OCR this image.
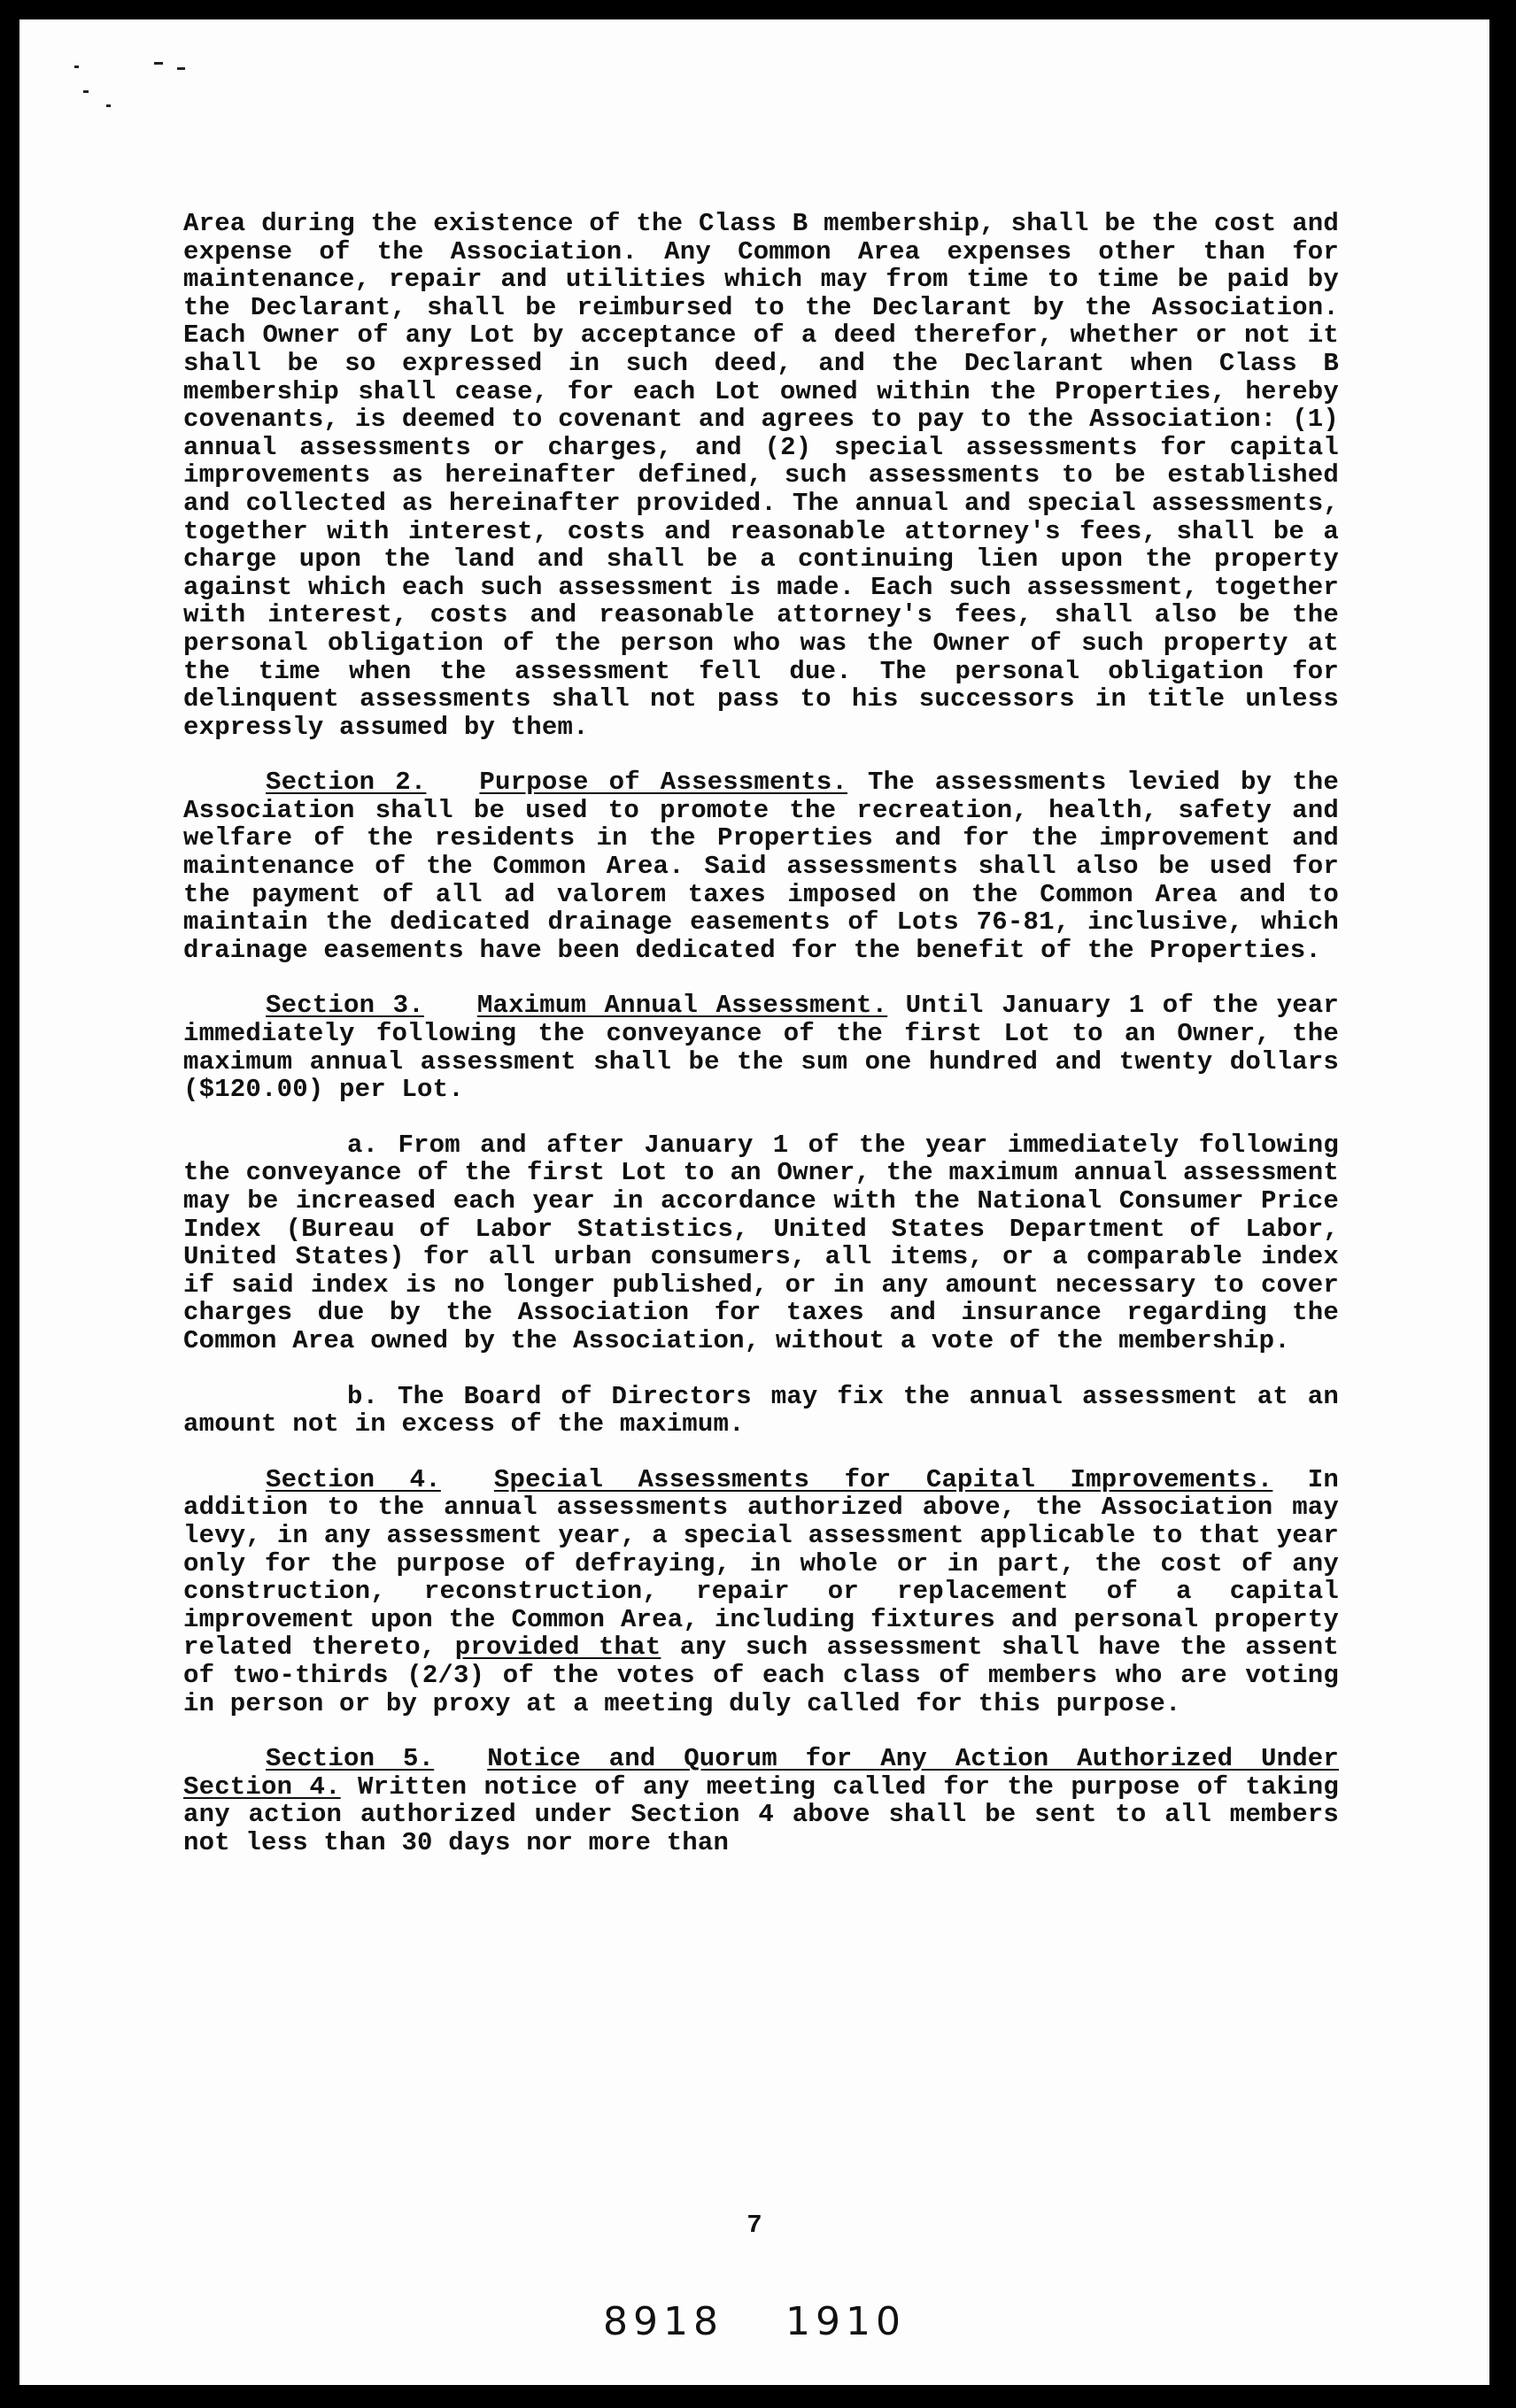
Area during the existence of the Class B membership, shall be the cost and expense of the Association. Any Common Area expenses other than for maintenance, repair and utilities which may from time to time be paid by the Declarant, shall be reimbursed to the Declarant by the Association. Each Owner of any Lot by acceptance of a deed therefor, whether or not it shall be so expressed in such deed, and the Declarant when Class B membership shall cease, for each Lot owned within the Properties, hereby covenants, is deemed to covenant and agrees to pay to the Association: (1) annual assessments or charges, and (2) special assessments for capital improvements as hereinafter defined, such assessments to be established and collected as hereinafter provided. The annual and special assessments, together with interest, costs and reasonable attorney's fees, shall be a charge upon the land and shall be a continuing lien upon the property against which each such assessment is made. Each such assessment, together with interest, costs and reasonable attorney's fees, shall also be the personal obligation of the person who was the Owner of such property at the time when the assessment fell due. The personal obligation for delinquent assessments shall not pass to his successors in title unless expressly assumed by them.

Section 2. Purpose of Assessments. The assessments levied by the Association shall be used to promote the recreation, health, safety and welfare of the residents in the Properties and for the improvement and maintenance of the Common Area. Said assessments shall also be used for the payment of all ad valorem taxes imposed on the Common Area and to maintain the dedicated drainage easements of Lots 76-81, inclusive, which drainage easements have been dedicated for the benefit of the Properties.

Section 3. Maximum Annual Assessment. Until January 1 of the year immediately following the conveyance of the first Lot to an Owner, the maximum annual assessment shall be the sum one hundred and twenty dollars ($120.00) per Lot.

a. From and after January 1 of the year immediately following the conveyance of the first Lot to an Owner, the maximum annual assessment may be increased each year in accordance with the National Consumer Price Index (Bureau of Labor Statistics, United States Department of Labor, United States) for all urban consumers, all items, or a comparable index if said index is no longer published, or in any amount necessary to cover charges due by the Association for taxes and insurance regarding the Common Area owned by the Association, without a vote of the membership.

b. The Board of Directors may fix the annual assessment at an amount not in excess of the maximum.

Section 4. Special Assessments for Capital Improvements. In addition to the annual assessments authorized above, the Association may levy, in any assessment year, a special assessment applicable to that year only for the purpose of defraying, in whole or in part, the cost of any construction, reconstruction, repair or replacement of a capital improvement upon the Common Area, including fixtures and personal property related thereto, provided that any such assessment shall have the assent of two-thirds (2/3) of the votes of each class of members who are voting in person or by proxy at a meeting duly called for this purpose.

Section 5. Notice and Quorum for Any Action Authorized Under Section 4. Written notice of any meeting called for the purpose of taking any action authorized under Section 4 above shall be sent to all members not less than 30 days nor more than

7
8918 1910
